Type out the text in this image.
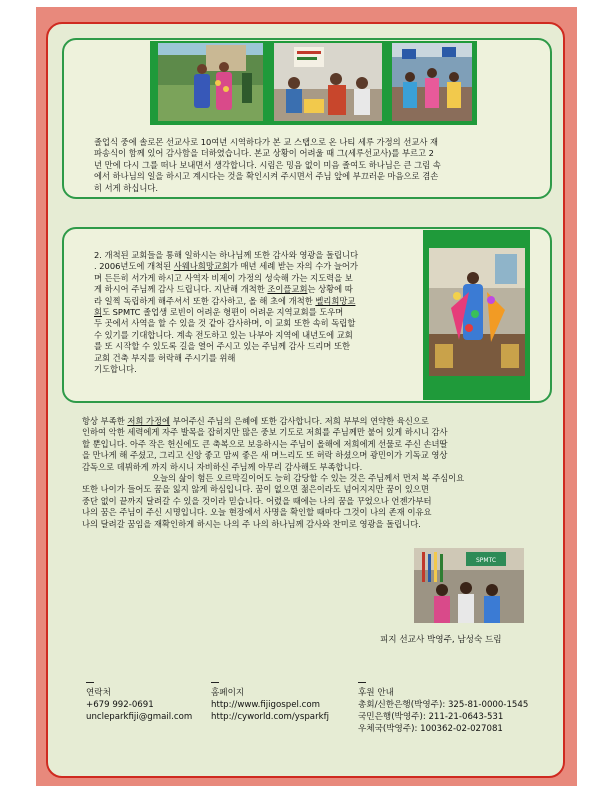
졸업식 중에 솔로몬 선교사로 10여년 시역하다가 본 교 스탭으로 온 나티 세루 가정의 선교사 재
파송식이 함께 있어 감사함을 더하였습니다. 본교 상황이 어려울 때 그(세루선교사)를 부르고 2
년 만에 다시 그를 떠나 보내면서 생각합니다. 시림은 밍음 없이 미음 졸여도 하나님은 큰 그림 속
에서 하나님의 일을 하시고 계시다는 것을 확인시켜 주시면서 주님 앞에 부끄러운 마음으로 겸손
히 서게 하십니다.

2. 개척된 교회들을 통해 일하시는 하나님께 또한 감사와 영광을 돌립니다
. 2006년도에 개척된 사웨나희망교회가 매년 세례 받는 자의 수가 늘어가
며 든든히 서가게 하시고 사역자 비제이 가정의 성숙해 가는 지도력을 보
게 하시어 주님께 감사 드립니다. 지난해 개척한 조이플교회는 상황에 따
라 일찍 독립하게 해주셔서 또한 감사하고, 올 해 초에 개척한 벨리희망교
회도 SPMTC 졸업생 로빈이 어려운 형편이 어려운 지역교회를 도우며
두 곳에서 사역을 할 수 있을 것 같아 감사하며, 이 교회 또한 속히 독립할
수 있기를 기대합니다. 계속 전도하고 있는 나부아 지역에 내년도에 교회
를 또 시작할 수 있도록 길을 열어 주시고 있는 주님께 감사 드리며 또한
교회 건축 부지를 허락해 주시기를 위해
기도합니다.

항상 부족한 저희 가정에 부어주신 주님의 은혜에 또한 감사합니다. 저희 부부의 연약한 육신으로
인하여 악한 세력에게 자주 발목을 잡히지만 많은 중보 기도로 저희를 주님께만 붙어 있게 하시니 감사
할 뿐입니다. 아주 작은 헌신에도 큰 축복으로 보응하시는 주님이 올해에 저희에게 선물로 주신 손녀딸
을 만나게 해 주셨고, 그리고 신앙 좋고 맘씨 좋은 새 며느리도 또 허락 하셨으며 광민이가 기독교 영상
감독으로 데뷔하게 까지 하시니 자비하신 주님께 아무리 감사해도 부족합니다.
오늘의 삶이 험든 오르막길이어도 능히 감당할 수 있는 것은 주님께서 먼저 복 주심이요
또한 나이가 들어도 꿈을 잃지 않게 하심입니다. 꿈이 없으면 젊은이라도 넘어지지만 꿈이 있으면
중단 없이 끝까지 달려갈 수 있을 것이라 믿습니다. 어렸을 때에는 나의 꿈을 꾸었으나 언젠가부터
나의 꿈은 주님이 주신 시명입니다. 오늘 현장에서 사명을 확인할 때마다 그것이 나의 존재 이유요
나의 달려갈 꿈임을 재확인하게 하시는 나의 주 나의 하나님께 감사와 찬미로 영광을 돌립니다.

SPMTC
피지 선교사 박영주, 남성숙 드림
연락처
+679 992-0691
uncleparkfiji@gmail.com
홈페이지
http://www.fijigospel.com
http://cyworld.com/ysparkfj
후원 안내
총회/신한은행(박영주): 325-81-0000-1545
국민은행(박영주): 211-21-0643-531
우체국(박영주): 100362-02-027081
